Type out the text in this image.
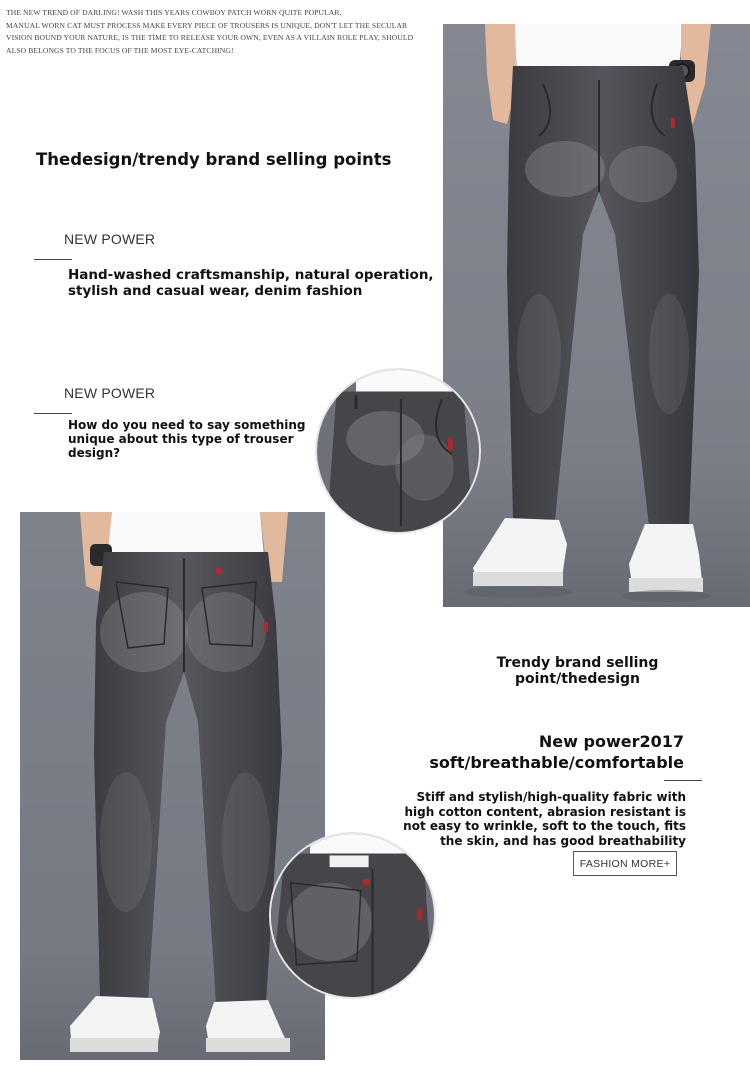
THE NEW TREND OF DARLING! WASH THIS YEARS COWBOY PATCH WORN QUITE POPULAR,
MANUAL WORN CAT MUST PROCESS MAKE EVERY PIECE OF TROUSERS IS UNIQUE, DON'T LET THE SECULAR
VISION BOUND YOUR NATURE, IS THE TIME TO RELEASE YOUR OWN, EVEN AS A VILLAIN ROLE PLAY, SHOULD
ALSO BELONGS TO THE FOCUS OF THE MOST EYE-CATCHING!
Thedesign/trendy brand selling points
NEW POWER
Hand-washed craftsmanship, natural operation,
stylish and casual wear, denim fashion
NEW POWER
How do you need to say something
unique about this type of trouser
design?
Trendy brand selling
point/thedesign
New power2017
soft/breathable/comfortable
Stiff and stylish/high-quality fabric with
high cotton content, abrasion resistant is
not easy to wrinkle, soft to the touch, fits
the skin, and has good breathability
FASHION MORE+
